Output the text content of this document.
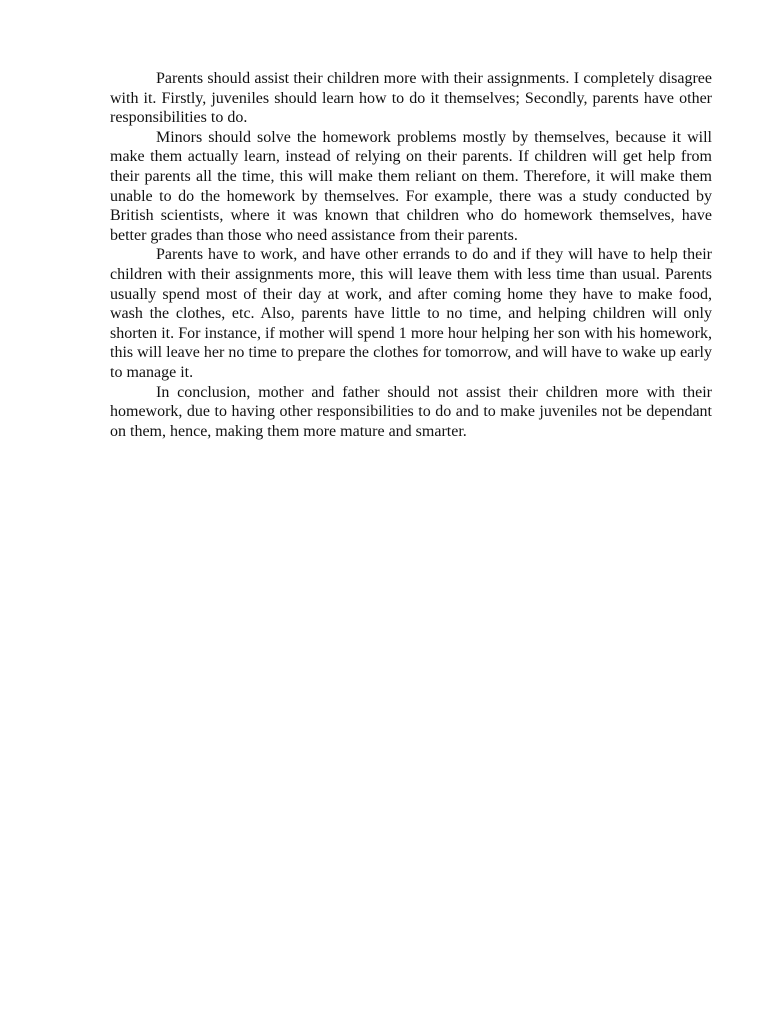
Parents should assist their children more with their assignments. I completely disagree with it. Firstly, juveniles should learn how to do it themselves; Secondly, parents have other responsibilities to do.

Minors should solve the homework problems mostly by themselves, because it will make them actually learn, instead of relying on their parents. If children will get help from their parents all the time, this will make them reliant on them. Therefore, it will make them unable to do the homework by themselves. For example, there was a study conducted by British scientists, where it was known that children who do homework themselves, have better grades than those who need assistance from their parents.

Parents have to work, and have other errands to do and if they will have to help their children with their assignments more, this will leave them with less time than usual. Parents usually spend most of their day at work, and after coming home they have to make food, wash the clothes, etc. Also, parents have little to no time, and helping children will only shorten it. For instance, if mother will spend 1 more hour helping her son with his homework, this will leave her no time to prepare the clothes for tomorrow, and will have to wake up early to manage it.

In conclusion, mother and father should not assist their children more with their homework, due to having other responsibilities to do and to make juveniles not be dependant on them, hence, making them more mature and smarter.
